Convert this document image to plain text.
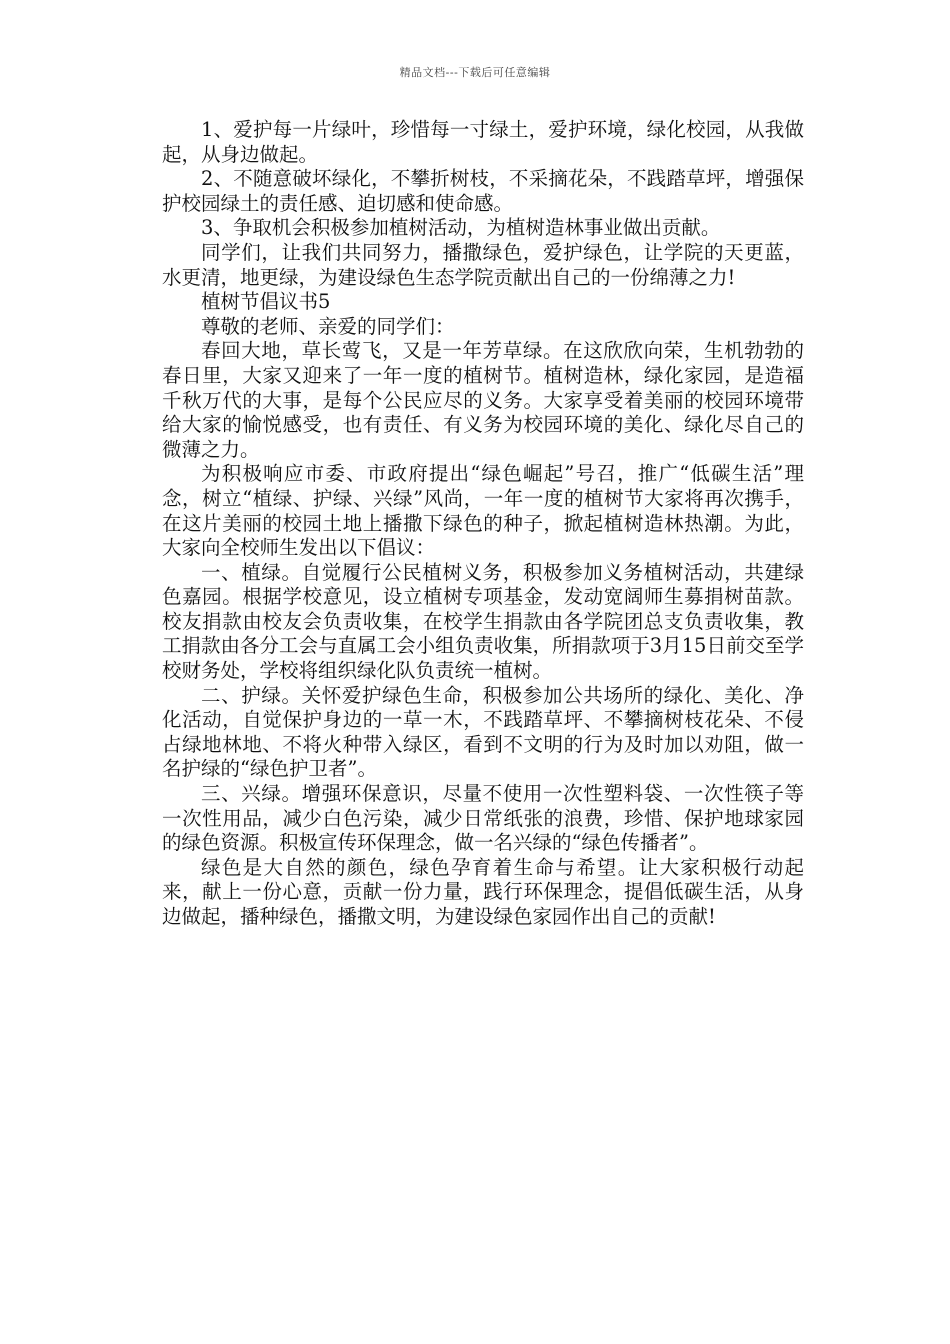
精品文档---下载后可任意编辑

1、爱护每一片绿叶，珍惜每一寸绿土，爱护环境，绿化校园，从我做起，从身边做起。

2、不随意破坏绿化，不攀折树枝，不采摘花朵，不践踏草坪，增强保护校园绿土的责任感、迫切感和使命感。

3、争取机会积极参加植树活动，为植树造林事业做出贡献。

同学们，让我们共同努力，播撒绿色，爱护绿色，让学院的天更蓝，水更清，地更绿，为建设绿色生态学院贡献出自己的一份绵薄之力!

植树节倡议书5

尊敬的老师、亲爱的同学们：

春回大地，草长莺飞，又是一年芳草绿。在这欣欣向荣，生机勃勃的春日里，大家又迎来了一年一度的植树节。植树造林，绿化家园，是造福千秋万代的大事，是每个公民应尽的义务。大家享受着美丽的校园环境带给大家的愉悦感受，也有责任、有义务为校园环境的美化、绿化尽自己的微薄之力。

为积极响应市委、市政府提出“绿色崛起”号召，推广“低碳生活”理念，树立“植绿、护绿、兴绿”风尚，一年一度的植树节大家将再次携手，在这片美丽的校园土地上播撒下绿色的种子，掀起植树造林热潮。为此，大家向全校师生发出以下倡议：

一、植绿。自觉履行公民植树义务，积极参加义务植树活动，共建绿色嘉园。根据学校意见，设立植树专项基金，发动宽阔师生募捐树苗款。校友捐款由校友会负责收集，在校学生捐款由各学院团总支负责收集，教工捐款由各分工会与直属工会小组负责收集，所捐款项于3月15日前交至学校财务处，学校将组织绿化队负责统一植树。

二、护绿。关怀爱护绿色生命，积极参加公共场所的绿化、美化、净化活动，自觉保护身边的一草一木，不践踏草坪、不攀摘树枝花朵、不侵占绿地林地、不将火种带入绿区，看到不文明的行为及时加以劝阻，做一名护绿的“绿色护卫者”。

三、兴绿。增强环保意识，尽量不使用一次性塑料袋、一次性筷子等一次性用品，减少白色污染，减少日常纸张的浪费，珍惜、保护地球家园的绿色资源。积极宣传环保理念，做一名兴绿的“绿色传播者”。

绿色是大自然的颜色，绿色孕育着生命与希望。让大家积极行动起来，献上一份心意，贡献一份力量，践行环保理念，提倡低碳生活，从身边做起，播种绿色，播撒文明，为建设绿色家园作出自己的贡献!
